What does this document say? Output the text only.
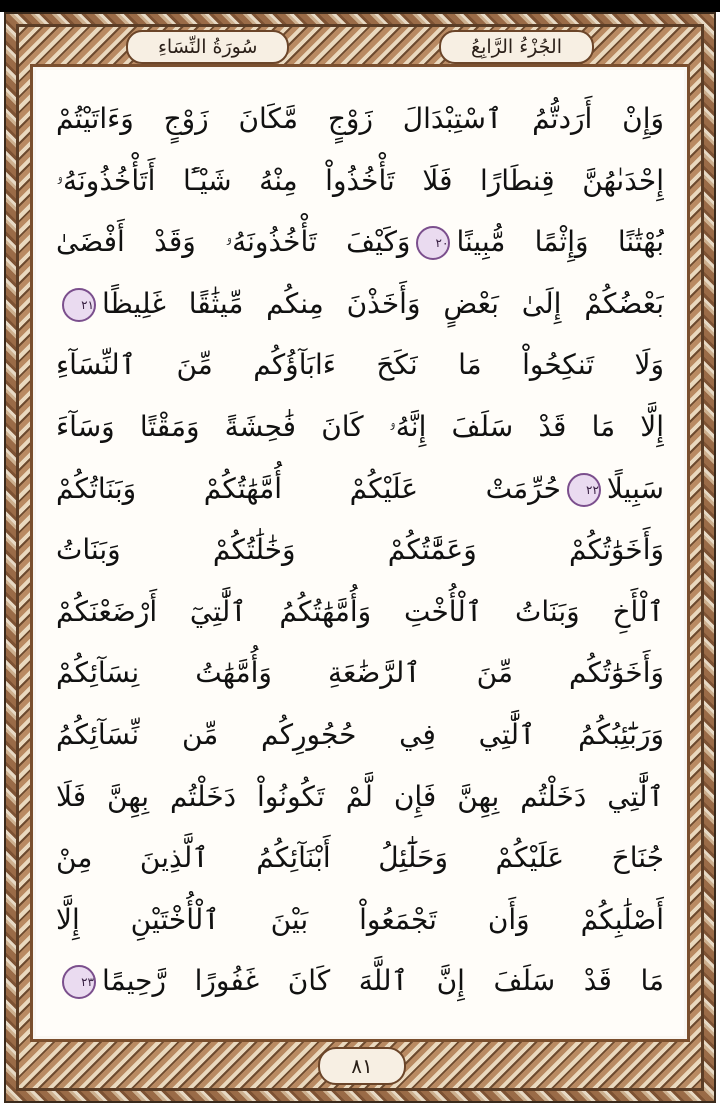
سُورَةُ النِّسَاءِ	الجُزْءُ الرَّابِعُ
وَإِنْ أَرَدتُّمُ ٱسْتِبْدَالَ زَوْجٍ مَّكَانَ زَوْجٍ وَءَاتَيْتُمْ
إِحْدَىٰهُنَّ قِنطَارًا فَلَا تَأْخُذُواْ مِنْهُ شَيْـًٔا أَتَأْخُذُونَهُۥ
بُهْتَٰنًا وَإِثْمًا مُّبِينًا٢٠وَكَيْفَ تَأْخُذُونَهُۥ وَقَدْ أَفْضَىٰ
بَعْضُكُمْ إِلَىٰ بَعْضٍ وَأَخَذْنَ مِنكُم مِّيثَٰقًا غَلِيظًا٢١
وَلَا تَنكِحُواْ مَا نَكَحَ ءَابَآؤُكُم مِّنَ ٱلنِّسَآءِ
إِلَّا مَا قَدْ سَلَفَ إِنَّهُۥ كَانَ فَٰحِشَةً وَمَقْتًا وَسَآءَ
سَبِيلًا٢٢حُرِّمَتْ عَلَيْكُمْ أُمَّهَٰتُكُمْ وَبَنَاتُكُمْ
وَأَخَوَٰتُكُمْ وَعَمَّٰتُكُمْ وَخَٰلَٰتُكُمْ وَبَنَاتُ
ٱلْأَخِ وَبَنَاتُ ٱلْأُخْتِ وَأُمَّهَٰتُكُمُ ٱلَّٰتِيٓ أَرْضَعْنَكُمْ
وَأَخَوَٰتُكُم مِّنَ ٱلرَّضَٰعَةِ وَأُمَّهَٰتُ نِسَآئِكُمْ
وَرَبَٰٓئِبُكُمُ ٱلَّٰتِي فِي حُجُورِكُم مِّن نِّسَآئِكُمُ
ٱلَّٰتِي دَخَلْتُم بِهِنَّ فَإِن لَّمْ تَكُونُواْ دَخَلْتُم بِهِنَّ فَلَا
جُنَاحَ عَلَيْكُمْ وَحَلَٰٓئِلُ أَبْنَآئِكُمُ ٱلَّذِينَ مِنْ
أَصْلَٰبِكُمْ وَأَن تَجْمَعُواْ بَيْنَ ٱلْأُخْتَيْنِ إِلَّا
مَا قَدْ سَلَفَ إِنَّ ٱللَّهَ كَانَ غَفُورًا رَّحِيمًا٢٣
٨١
